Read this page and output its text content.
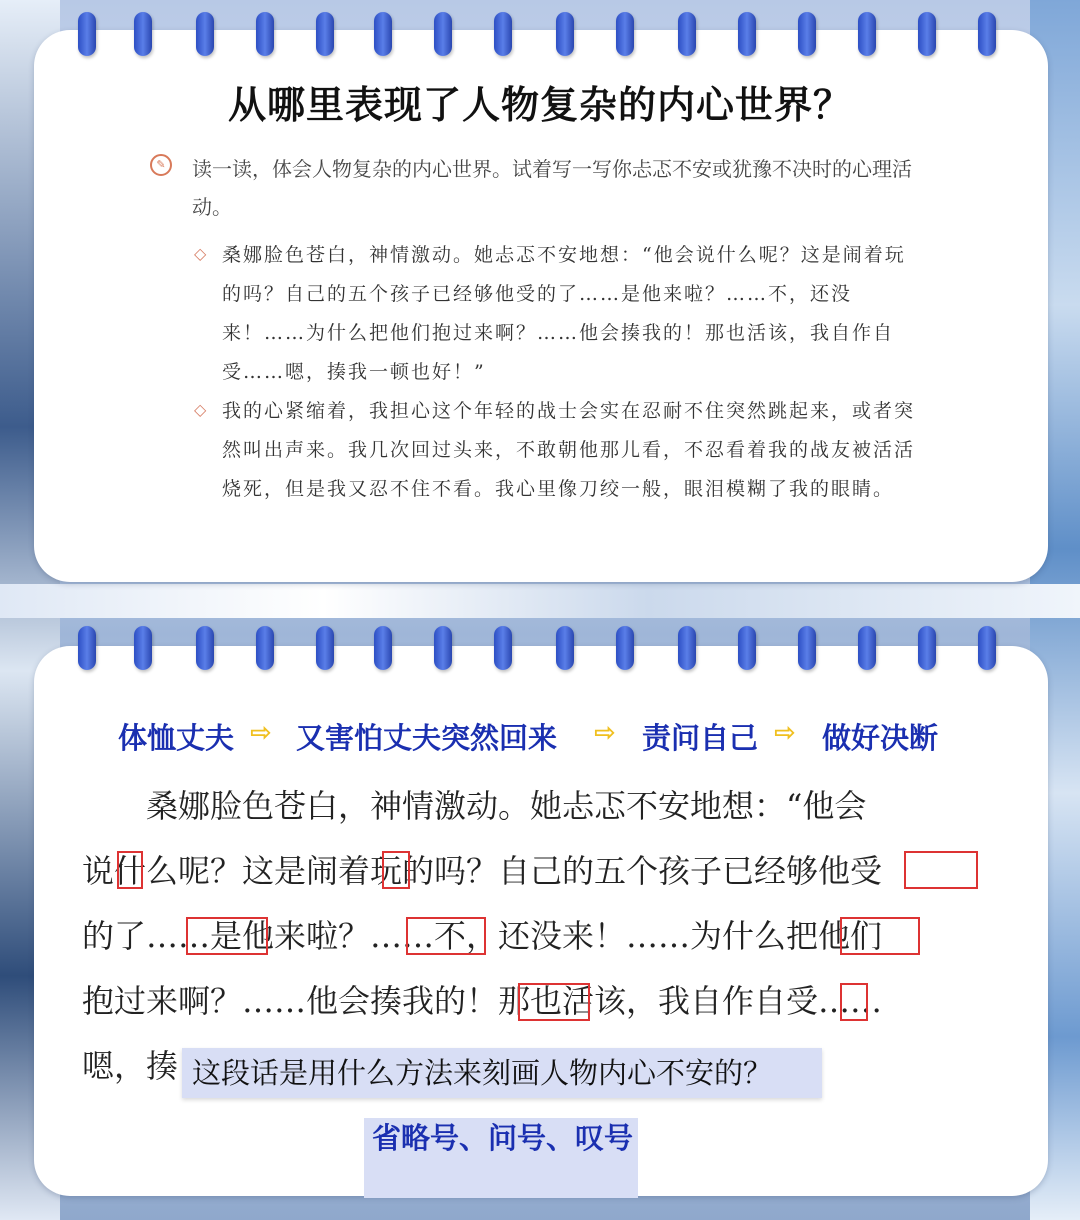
从哪里表现了人物复杂的内心世界？
✎	读一读，体会人物复杂的内心世界。试着写一写你忐忑不安或犹豫不决时的心理活动。
◇ 桑娜脸色苍白，神情激动。她忐忑不安地想：“他会说什么呢？这是闹着玩的吗？自己的五个孩子已经够他受的了……是他来啦？……不，还没来！……为什么把他们抱过来啊？……他会揍我的！那也活该，我自作自受……嗯，揍我一顿也好！”
◇ 我的心紧缩着，我担心这个年轻的战士会实在忍耐不住突然跳起来，或者突然叫出声来。我几次回过头来，不敢朝他那儿看，不忍看着我的战友被活活烧死，但是我又忍不住不看。我心里像刀绞一般，眼泪模糊了我的眼睛。
体恤丈夫 ⇨ 又害怕丈夫突然回来 ⇨ 责问自己 ⇨ 做好决断
　　桑娜脸色苍白，神情激动。她忐忑不安地想：“他会
说什么呢？这是闹着玩的吗？自己的五个孩子已经够他受
的了……是他来啦？……不，还没来！……为什么把他们
抱过来啊？……他会揍我的！那也活该，我自作自受……
嗯，揍 这段话是用什么方法来刻画人物内心不安的？
省略号、问号、叹号
